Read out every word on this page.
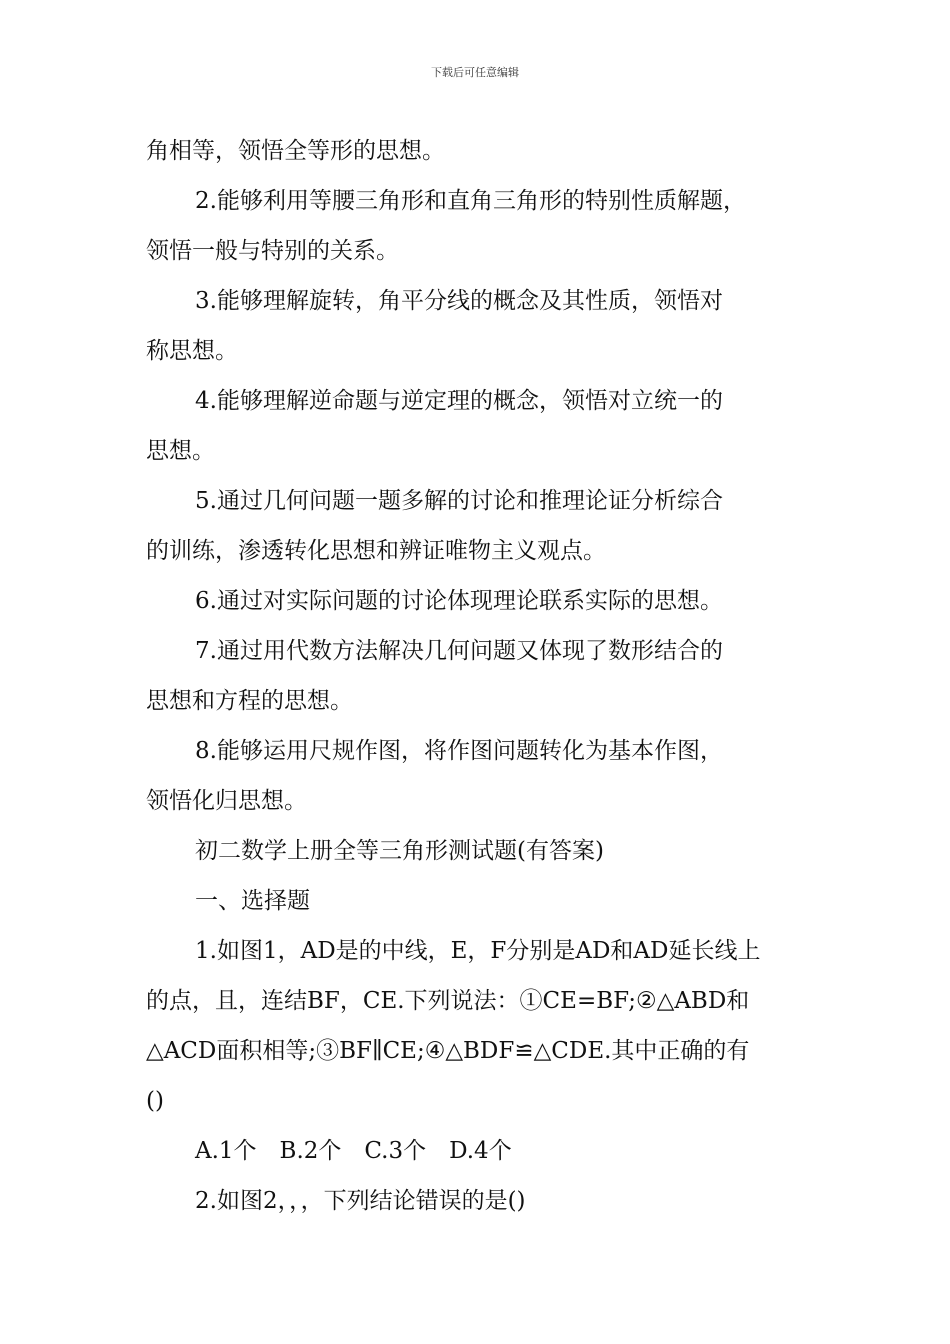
下载后可任意编辑

角相等，领悟全等形的思想。

2.能够利用等腰三角形和直角三角形的特别性质解题，
领悟一般与特别的关系。

3.能够理解旋转，角平分线的概念及其性质，领悟对
称思想。

4.能够理解逆命题与逆定理的概念，领悟对立统一的
思想。

5.通过几何问题一题多解的讨论和推理论证分析综合
的训练，渗透转化思想和辨证唯物主义观点。

6.通过对实际问题的讨论体现理论联系实际的思想。

7.通过用代数方法解决几何问题又体现了数形结合的
思想和方程的思想。

8.能够运用尺规作图，将作图问题转化为基本作图，
领悟化归思想。

初二数学上册全等三角形测试题(有答案)

一、选择题

1.如图1，AD是的中线，E，F分别是AD和AD延长线上
的点，且，连结BF，CE.下列说法：①CE=BF;②△ABD和
△ACD面积相等;③BF∥CE;④△BDF≌△CDE.其中正确的有
()

A.1个　B.2个　C.3个　D.4个

2.如图2，，，下列结论错误的是()
